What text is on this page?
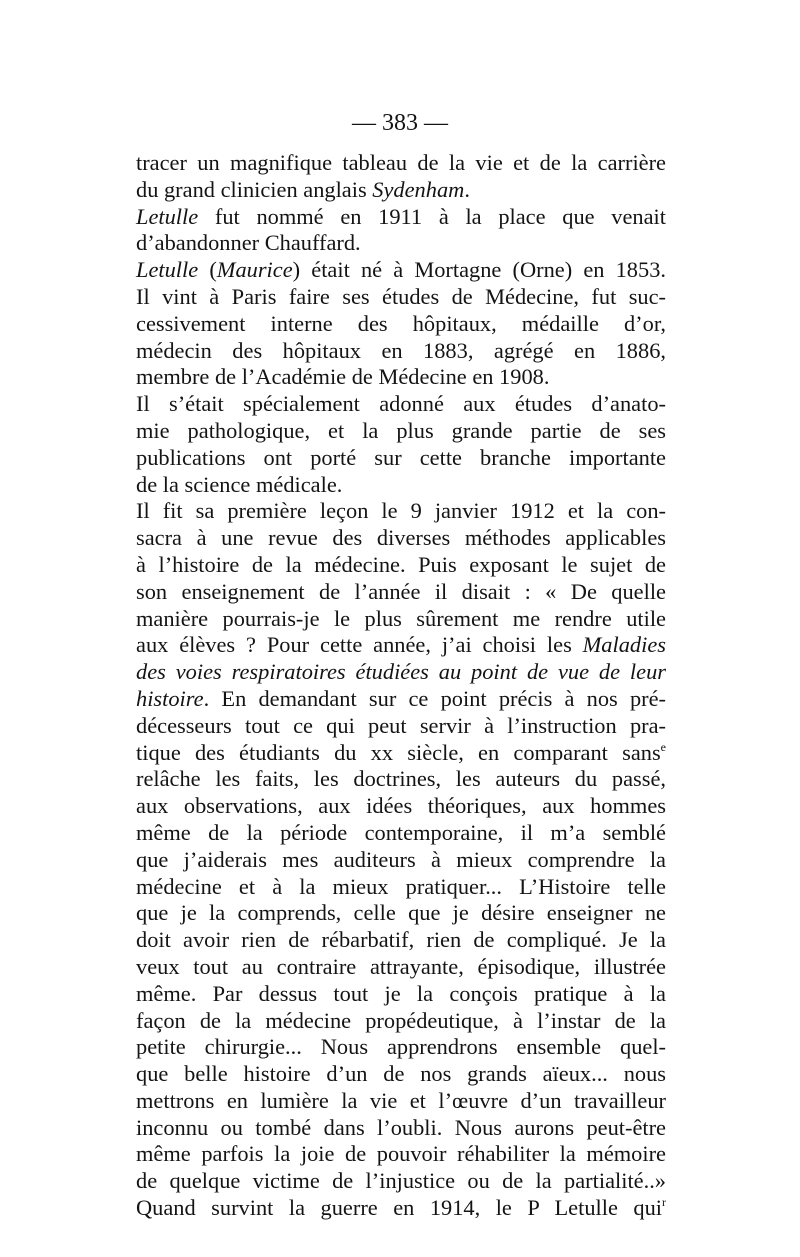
— 383 —
tracer un magnifique tableau de la vie et de la carrière
du grand clinicien anglais Sydenham.
Letulle fut nommé en 1911 à la place que venait
d’abandonner Chauffard.
Letulle (Maurice) était né à Mortagne (Orne) en 1853.
Il vint à Paris faire ses études de Médecine, fut suc-
cessivement interne des hôpitaux, médaille d’or,
médecin des hôpitaux en 1883, agrégé en 1886,
membre de l’Académie de Médecine en 1908.
Il s’était spécialement adonné aux études d’anato-
mie pathologique, et la plus grande partie de ses
publications ont porté sur cette branche importante
de la science médicale.
Il fit sa première leçon le 9 janvier 1912 et la con-
sacra à une revue des diverses méthodes applicables
à l’histoire de la médecine. Puis exposant le sujet de
son enseignement de l’année il disait : « De quelle
manière pourrais-je le plus sûrement me rendre utile
aux élèves ? Pour cette année, j’ai choisi les Maladies
des voies respiratoires étudiées au point de vue de leur
histoire. En demandant sur ce point précis à nos pré-
décesseurs tout ce qui peut servir à l’instruction pra-
tique des étudiants du xx siècle, en comparant sans$^e$
relâche les faits, les doctrines, les auteurs du passé,
aux observations, aux idées théoriques, aux hommes
même de la période contemporaine, il m’a semblé
que j’aiderais mes auditeurs à mieux comprendre la
médecine et à la mieux pratiquer... L’Histoire telle
que je la comprends, celle que je désire enseigner ne
doit avoir rien de rébarbatif, rien de compliqué. Je la
veux tout au contraire attrayante, épisodique, illustrée
même. Par dessus tout je la conçois pratique à la
façon de la médecine propédeutique, à l’instar de la
petite chirurgie... Nous apprendrons ensemble quel-
que belle histoire d’un de nos grands aïeux... nous
mettrons en lumière la vie et l’œuvre d’un travailleur
inconnu ou tombé dans l’oubli. Nous aurons peut-être
même parfois la joie de pouvoir réhabiliter la mémoire
de quelque victime de l’injustice ou de la partialité..»
Quand survint la guerre en 1914, le P Letulle qui$^r$
